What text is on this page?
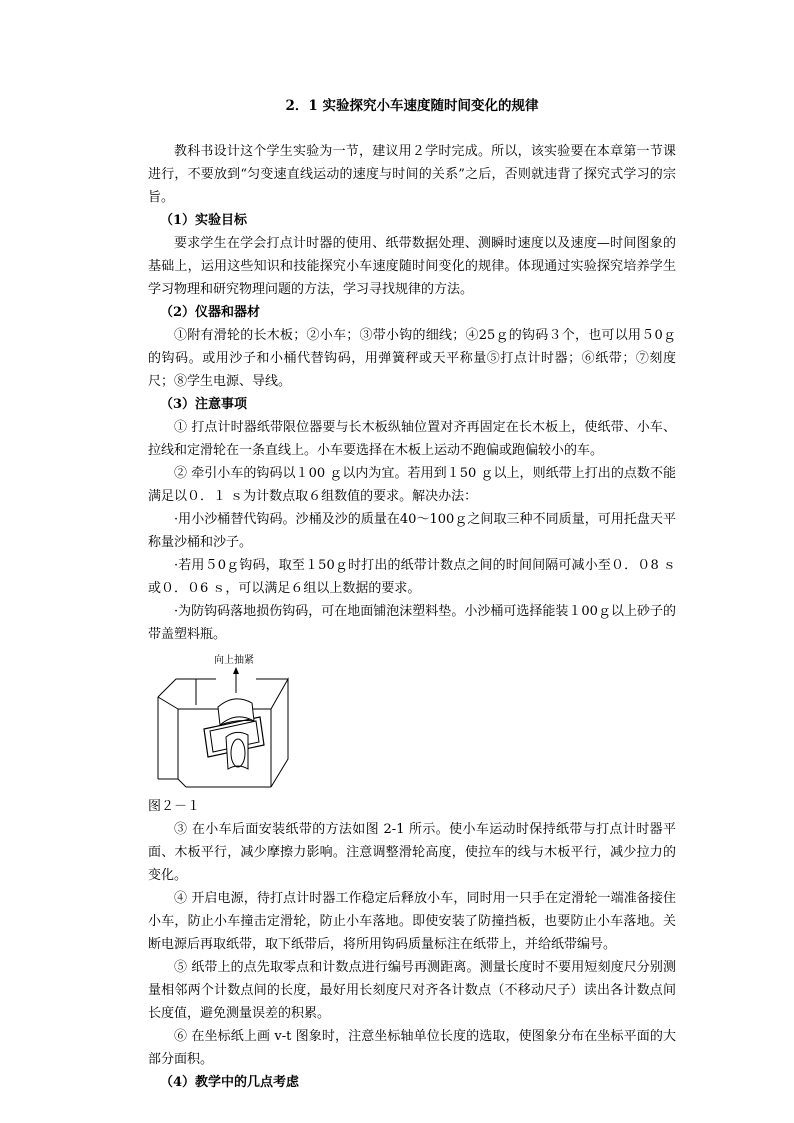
2．1 实验探究小车速度随时间变化的规律

教科书设计这个学生实验为一节，建议用２学时完成。所以，该实验要在本章第一节课进行，不要放到“匀变速直线运动的速度与时间的关系”之后，否则就违背了探究式学习的宗旨。

（1）实验目标

要求学生在学会打点计时器的使用、纸带数据处理、测瞬时速度以及速度—时间图象的基础上，运用这些知识和技能探究小车速度随时间变化的规律。体现通过实验探究培养学生学习物理和研究物理问题的方法，学习寻找规律的方法。

（2）仪器和器材

①附有滑轮的长木板；②小车；③带小钩的细线；④25ｇ的钩码３个，也可以用５0ｇ的钩码。或用沙子和小桶代替钩码，用弹簧秤或天平称量⑤打点计时器；⑥纸带；⑦刻度尺；⑧学生电源、导线。

（3）注意事项

① 打点计时器纸带限位器要与长木板纵轴位置对齐再固定在长木板上，使纸带、小车、拉线和定滑轮在一条直线上。小车要选择在木板上运动不跑偏或跑偏较小的车。

② 牵引小车的钩码以１00 ｇ以内为宜。若用到１50 ｇ以上，则纸带上打出的点数不能满足以０．１ ｓ为计数点取６组数值的要求。解决办法：

·用小沙桶替代钩码。沙桶及沙的质量在40～100ｇ之间取三种不同质量，可用托盘天平称量沙桶和沙子。

·若用５0ｇ钩码，取至１50ｇ时打出的纸带计数点之间的时间间隔可减小至０．０8 ｓ或０．０6 ｓ，可以满足６组以上数据的要求。

·为防钩码落地损伤钩码，可在地面铺泡沫塑料垫。小沙桶可选择能装１00ｇ以上砂子的带盖塑料瓶。

向上抽紧

图２－１

③ 在小车后面安装纸带的方法如图 2-1 所示。使小车运动时保持纸带与打点计时器平面、木板平行，减少摩擦力影响。注意调整滑轮高度，使拉车的线与木板平行，减少拉力的变化。

④ 开启电源，待打点计时器工作稳定后释放小车，同时用一只手在定滑轮一端准备接住小车，防止小车撞击定滑轮，防止小车落地。即使安装了防撞挡板，也要防止小车落地。关断电源后再取纸带，取下纸带后，将所用钩码质量标注在纸带上，并给纸带编号。

⑤ 纸带上的点先取零点和计数点进行编号再测距离。测量长度时不要用短刻度尺分别测量相邻两个计数点间的长度，最好用长刻度尺对齐各计数点（不移动尺子）读出各计数点间长度值，避免测量误差的积累。

⑥ 在坐标纸上画 v-t 图象时，注意坐标轴单位长度的选取，使图象分布在坐标平面的大部分面积。

（4）教学中的几点考虑
